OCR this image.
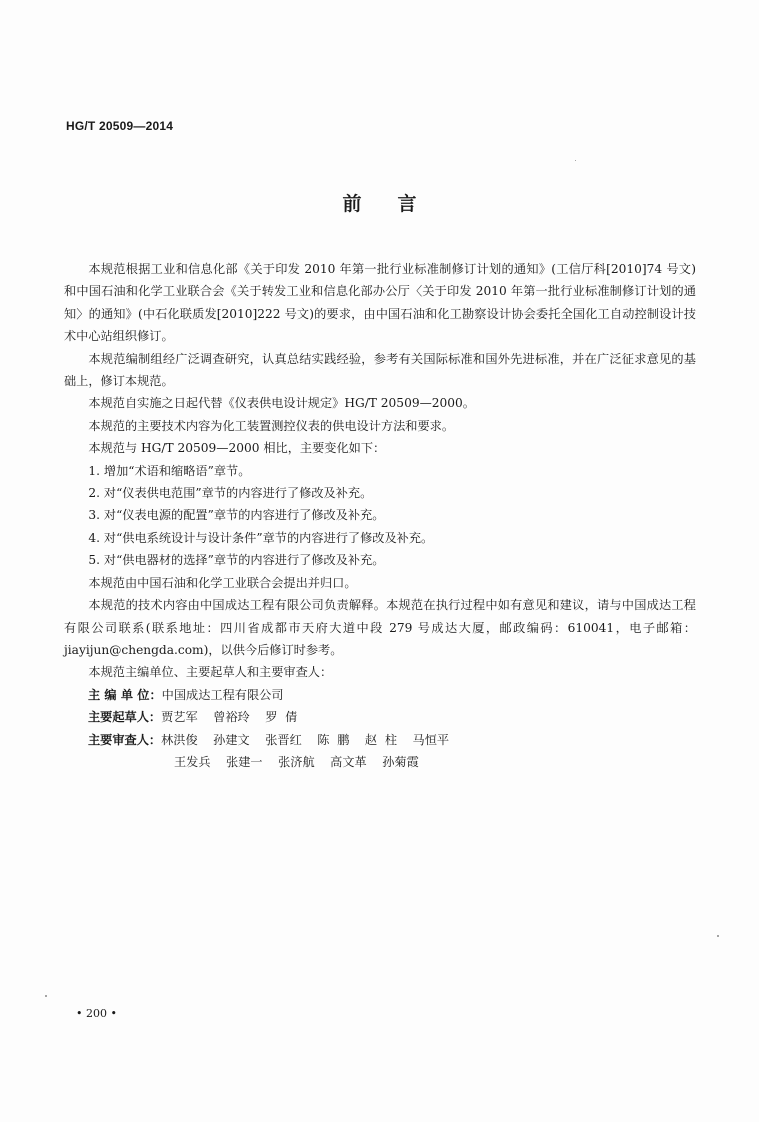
HG/T 20509—2014
前言

本规范根据工业和信息化部《关于印发 2010 年第一批行业标准制修订计划的通知》(工信厅科[2010]74 号文)和中国石油和化学工业联合会《关于转发工业和信息化部办公厅〈关于印发 2010 年第一批行业标准制修订计划的通知〉的通知》(中石化联质发[2010]222 号文)的要求，由中国石油和化工勘察设计协会委托全国化工自动控制设计技术中心站组织修订。

本规范编制组经广泛调查研究，认真总结实践经验，参考有关国际标准和国外先进标准，并在广泛征求意见的基础上，修订本规范。

本规范自实施之日起代替《仪表供电设计规定》HG/T 20509—2000。

本规范的主要技术内容为化工装置测控仪表的供电设计方法和要求。

本规范与 HG/T 20509—2000 相比，主要变化如下：

1. 增加“术语和缩略语”章节。

2. 对“仪表供电范围”章节的内容进行了修改及补充。

3. 对“仪表电源的配置”章节的内容进行了修改及补充。

4. 对“供电系统设计与设计条件”章节的内容进行了修改及补充。

5. 对“供电器材的选择”章节的内容进行了修改及补充。

本规范由中国石油和化学工业联合会提出并归口。

本规范的技术内容由中国成达工程有限公司负责解释。本规范在执行过程中如有意见和建议，请与中国成达工程有限公司联系(联系地址：四川省成都市天府大道中段 279 号成达大厦，邮政编码：610041，电子邮箱：jiayijun@chengda.com)，以供今后修订时参考。

本规范主编单位、主要起草人和主要审查人：

主 编 单 位： 中国成达工程有限公司
主要起草人： 贾艺军    曾裕玲    罗  倩
主要审查人： 林洪俊    孙建文    张晋红    陈  鹏    赵  柱    马恒平

王发兵    张建一    张济航    高文革    孙菊霞

• 200 •
